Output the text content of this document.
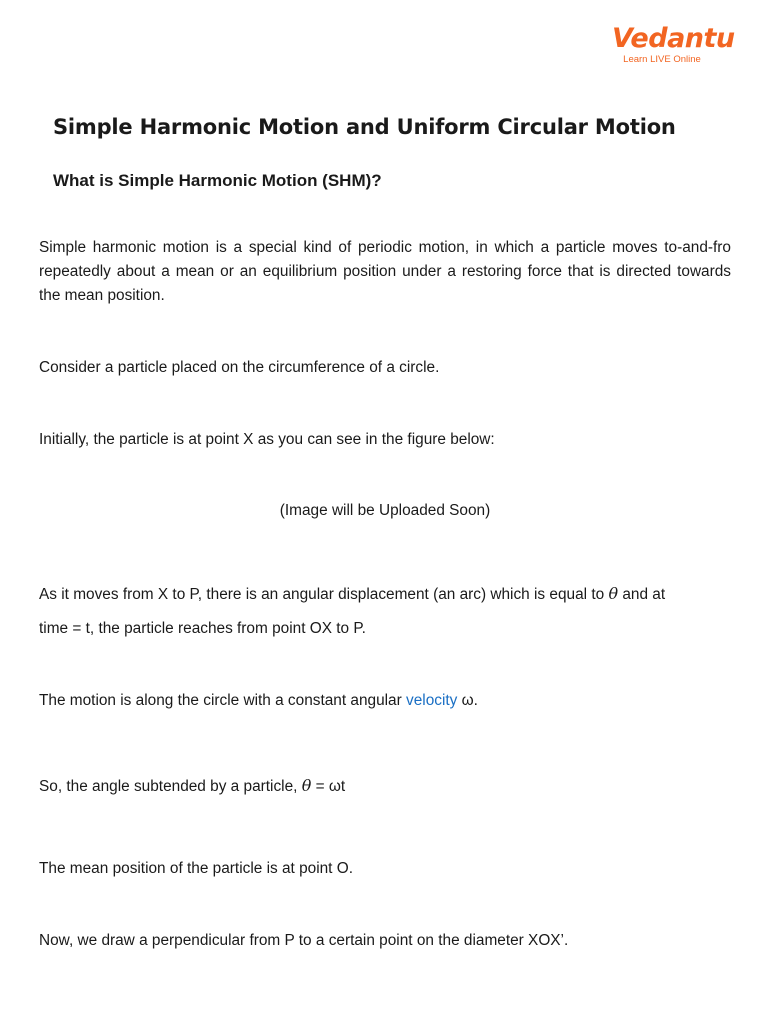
Vedantu
Learn LIVE Online
Simple Harmonic Motion and Uniform Circular Motion
What is Simple Harmonic Motion (SHM)?

Simple harmonic motion is a special kind of periodic motion, in which a particle moves to-and-fro repeatedly about a mean or an equilibrium position under a restoring force that is directed towards the mean position.

Consider a particle placed on the circumference of a circle.

Initially, the particle is at point X as you can see in the figure below:

(Image will be Uploaded Soon)

As it moves from X to P, there is an angular displacement (an arc) which is equal to θ and at

time = t, the particle reaches from point OX to P.

The motion is along the circle with a constant angular velocity ω.

So, the angle subtended by a particle, θ = ωt

The mean position of the particle is at point O.

Now, we draw a perpendicular from P to a certain point on the diameter XOX’.
